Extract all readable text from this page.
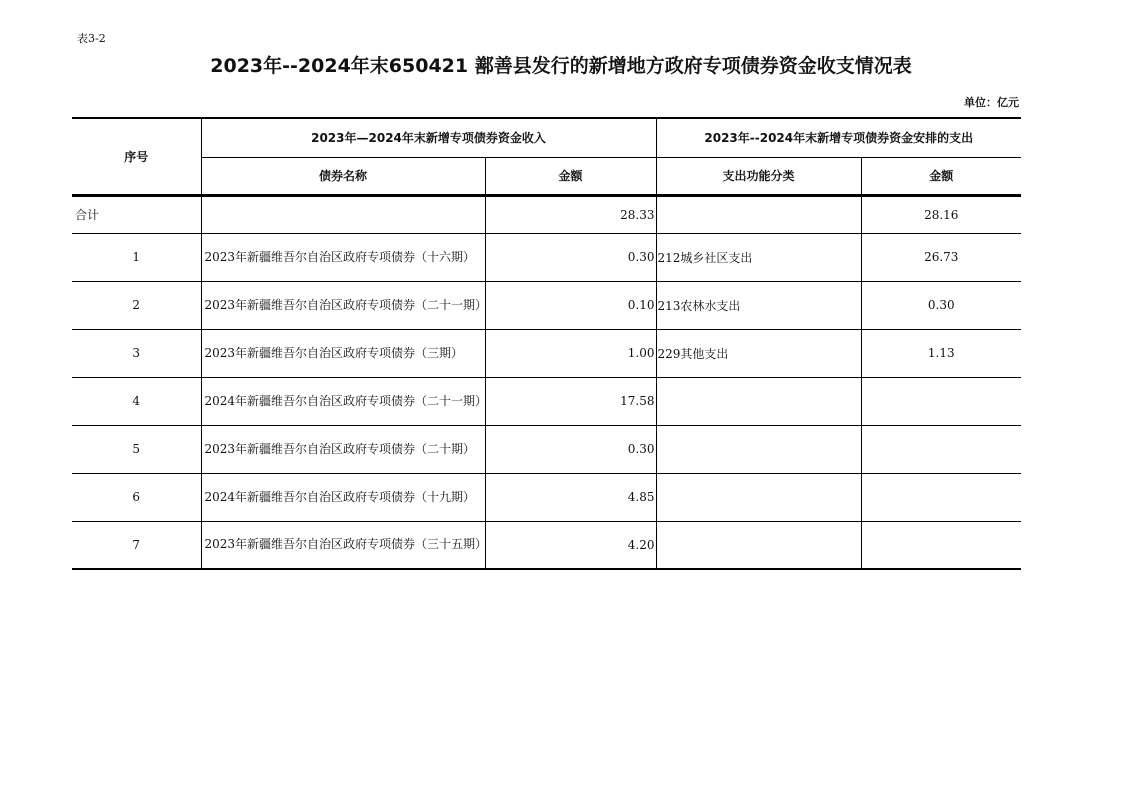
表3-2
2023年--2024年末650421 鄯善县发行的新增地方政府专项债券资金收支情况表
单位：亿元
序号	2023年—2024年末新增专项债券资金收入		2023年--2024年末新增专项债券资金安排的支出	
	债券名称	金额	支出功能分类	金额
合计		28.33		28.16
1	2023年新疆维吾尔自治区政府专项债券（十六期）	0.30	212城乡社区支出	26.73
2	2023年新疆维吾尔自治区政府专项债券（二十一期）	0.10	213农林水支出	0.30
3	2023年新疆维吾尔自治区政府专项债券（三期）	1.00	229其他支出	1.13
4	2024年新疆维吾尔自治区政府专项债券（二十一期）	17.58		
5	2023年新疆维吾尔自治区政府专项债券（二十期）	0.30		
6	2024年新疆维吾尔自治区政府专项债券（十九期）	4.85		
7	2023年新疆维吾尔自治区政府专项债券（三十五期）	4.20		
